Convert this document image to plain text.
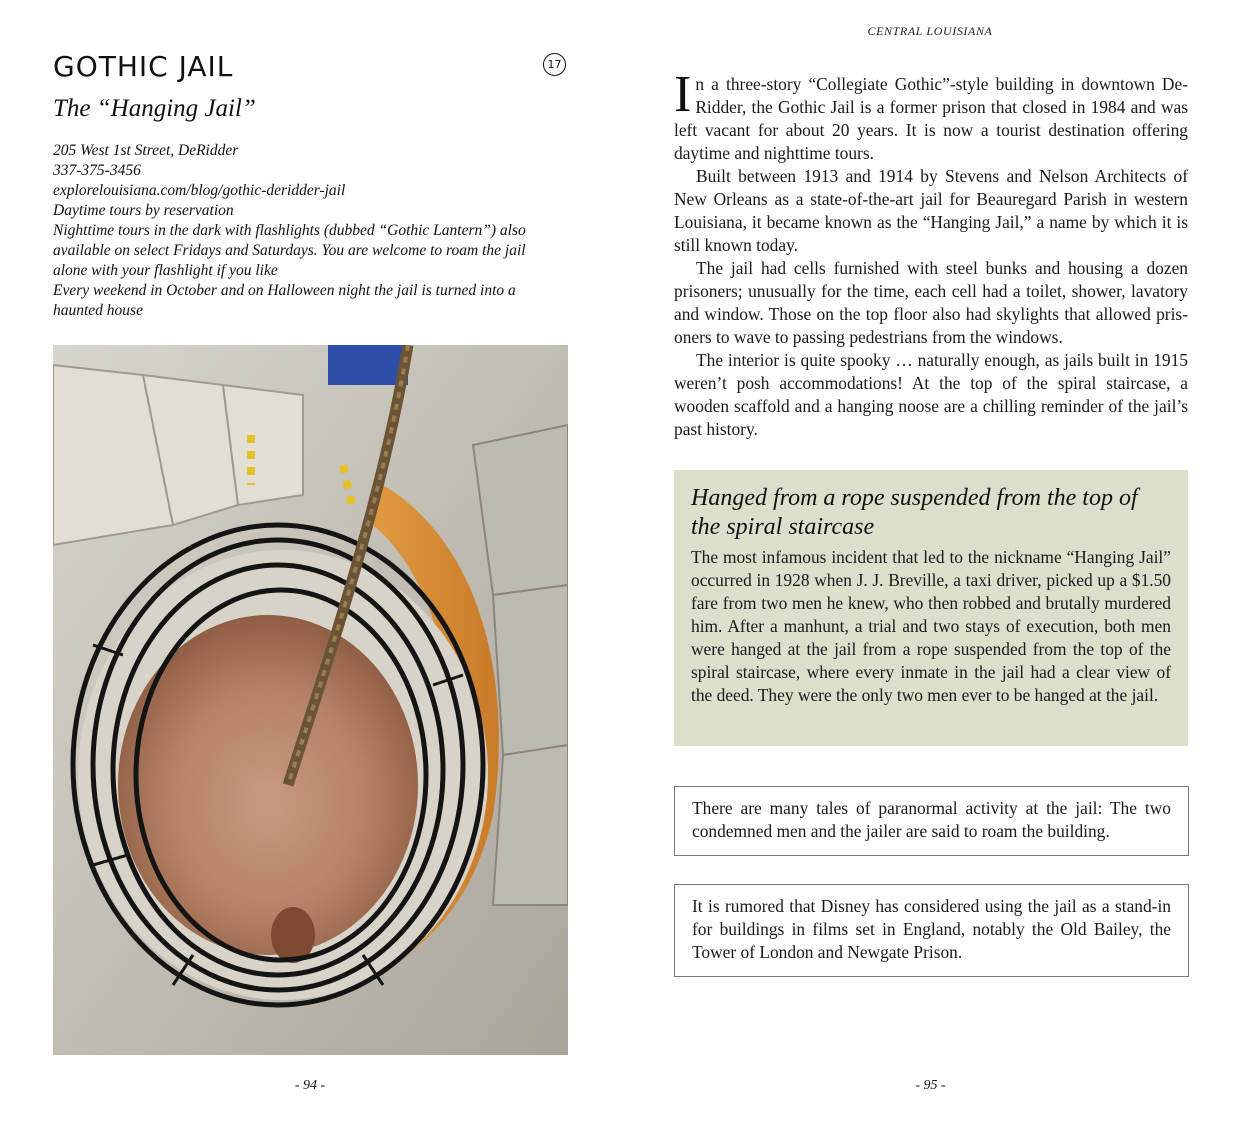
GOTHIC JAIL	17
The “Hanging Jail”
205 West 1st Street, DeRidder
337-375-3456
explorelouisiana.com/blog/gothic-deridder-jail
Daytime tours by reservation
Nighttime tours in the dark with flashlights (dubbed “Gothic Lantern”) also available on select Fridays and Saturdays. You are welcome to roam the jail alone with your flashlight if you like
Every weekend in October and on Halloween night the jail is turned into a haunted house
- 94 -
CENTRAL LOUISIANA

In a three-story “Collegiate Gothic”-style building in downtown DeRidder, the Gothic Jail is a former prison that closed in 1984 and was left vacant for about 20 years. It is now a tourist destination offering daytime and nighttime tours.

Built between 1913 and 1914 by Stevens and Nelson Architects of New Orleans as a state-of-the-art jail for Beauregard Parish in western Louisiana, it became known as the “Hanging Jail,” a name by which it is still known today.

The jail had cells furnished with steel bunks and housing a dozen prisoners; unusually for the time, each cell had a toilet, shower, lavatory and window. Those on the top floor also had skylights that allowed prisoners to wave to passing pedestrians from the windows.

The interior is quite spooky … naturally enough, as jails built in 1915 weren’t posh accommodations! At the top of the spiral staircase, a wooden scaffold and a hanging noose are a chilling reminder of the jail’s past history.

Hanged from a rope suspended from the top of the spiral staircase

The most infamous incident that led to the nickname “Hanging Jail” occurred in 1928 when J. J. Breville, a taxi driver, picked up a $1.50 fare from two men he knew, who then robbed and brutally murdered him. After a manhunt, a trial and two stays of execution, both men were hanged at the jail from a rope suspended from the top of the spiral staircase, where every inmate in the jail had a clear view of the deed. They were the only two men ever to be hanged at the jail.

There are many tales of paranormal activity at the jail: The two condemned men and the jailer are said to roam the building.

It is rumored that Disney has considered using the jail as a stand-in for buildings in films set in England, notably the Old Bailey, the Tower of London and Newgate Prison.

- 95 -
